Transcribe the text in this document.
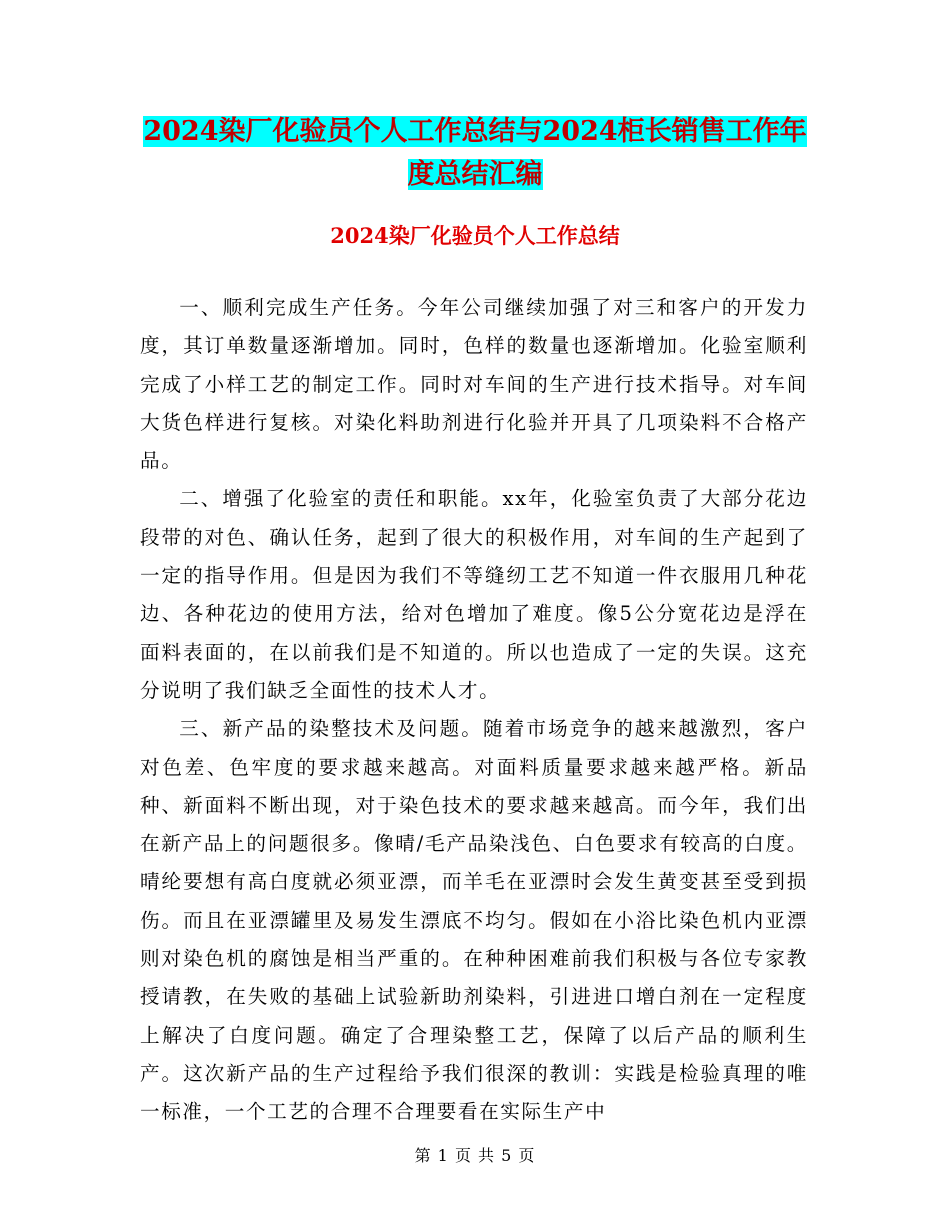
2024染厂化验员个人工作总结与2024柜长销售工作年
度总结汇编
2024染厂化验员个人工作总结

一、顺利完成生产任务。今年公司继续加强了对三和客户的开发力度，其订单数量逐渐增加。同时，色样的数量也逐渐增加。化验室顺利完成了小样工艺的制定工作。同时对车间的生产进行技术指导。对车间大货色样进行复核。对染化料助剂进行化验并开具了几项染料不合格产品。

二、增强了化验室的责任和职能。xx年，化验室负责了大部分花边段带的对色、确认任务，起到了很大的积极作用，对车间的生产起到了一定的指导作用。但是因为我们不等缝纫工艺不知道一件衣服用几种花边、各种花边的使用方法，给对色增加了难度。像5公分宽花边是浮在面料表面的，在以前我们是不知道的。所以也造成了一定的失误。这充分说明了我们缺乏全面性的技术人才。

三、新产品的染整技术及问题。随着市场竞争的越来越激烈，客户对色差、色牢度的要求越来越高。对面料质量要求越来越严格。新品种、新面料不断出现，对于染色技术的要求越来越高。而今年，我们出在新产品上的问题很多。像晴/毛产品染浅色、白色要求有较高的白度。晴纶要想有高白度就必须亚漂，而羊毛在亚漂时会发生黄变甚至受到损伤。而且在亚漂罐里及易发生漂底不均匀。假如在小浴比染色机内亚漂则对染色机的腐蚀是相当严重的。在种种困难前我们积极与各位专家教授请教，在失败的基础上试验新助剂染料，引进进口增白剂在一定程度上解决了白度问题。确定了合理染整工艺，保障了以后产品的顺利生产。这次新产品的生产过程给予我们很深的教训：实践是检验真理的唯一标准，一个工艺的合理不合理要看在实际生产中

第 1 页 共 5 页
